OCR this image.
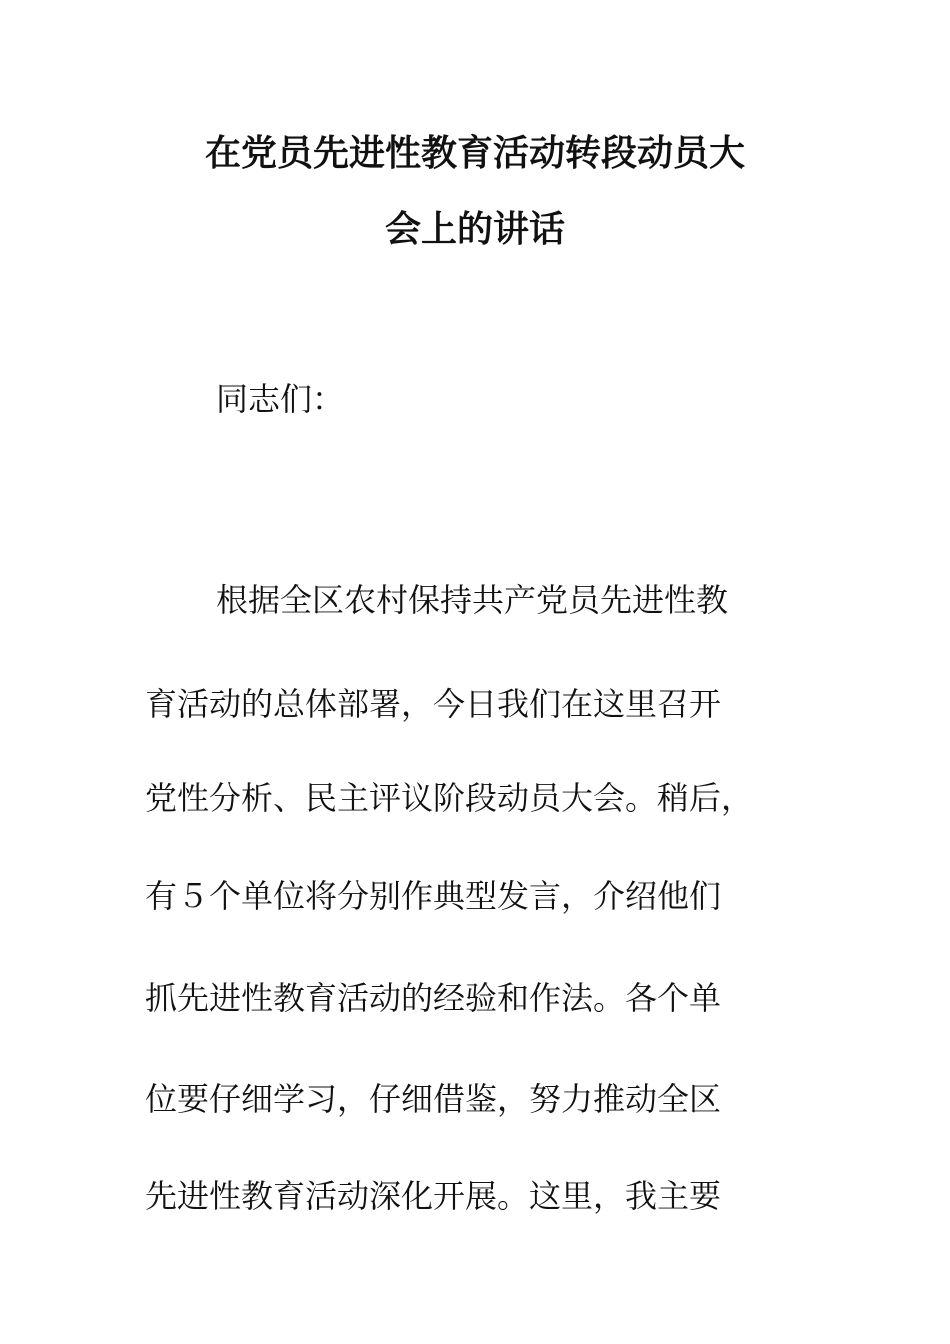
在党员先进性教育活动转段动员大
会上的讲话

同志们：

根据全区农村保持共产党员先进性教

育活动的总体部署，今日我们在这里召开

党性分析、民主评议阶段动员大会。稍后，

有５个单位将分别作典型发言，介绍他们

抓先进性教育活动的经验和作法。各个单

位要仔细学习，仔细借鉴，努力推动全区

先进性教育活动深化开展。这里，我主要
